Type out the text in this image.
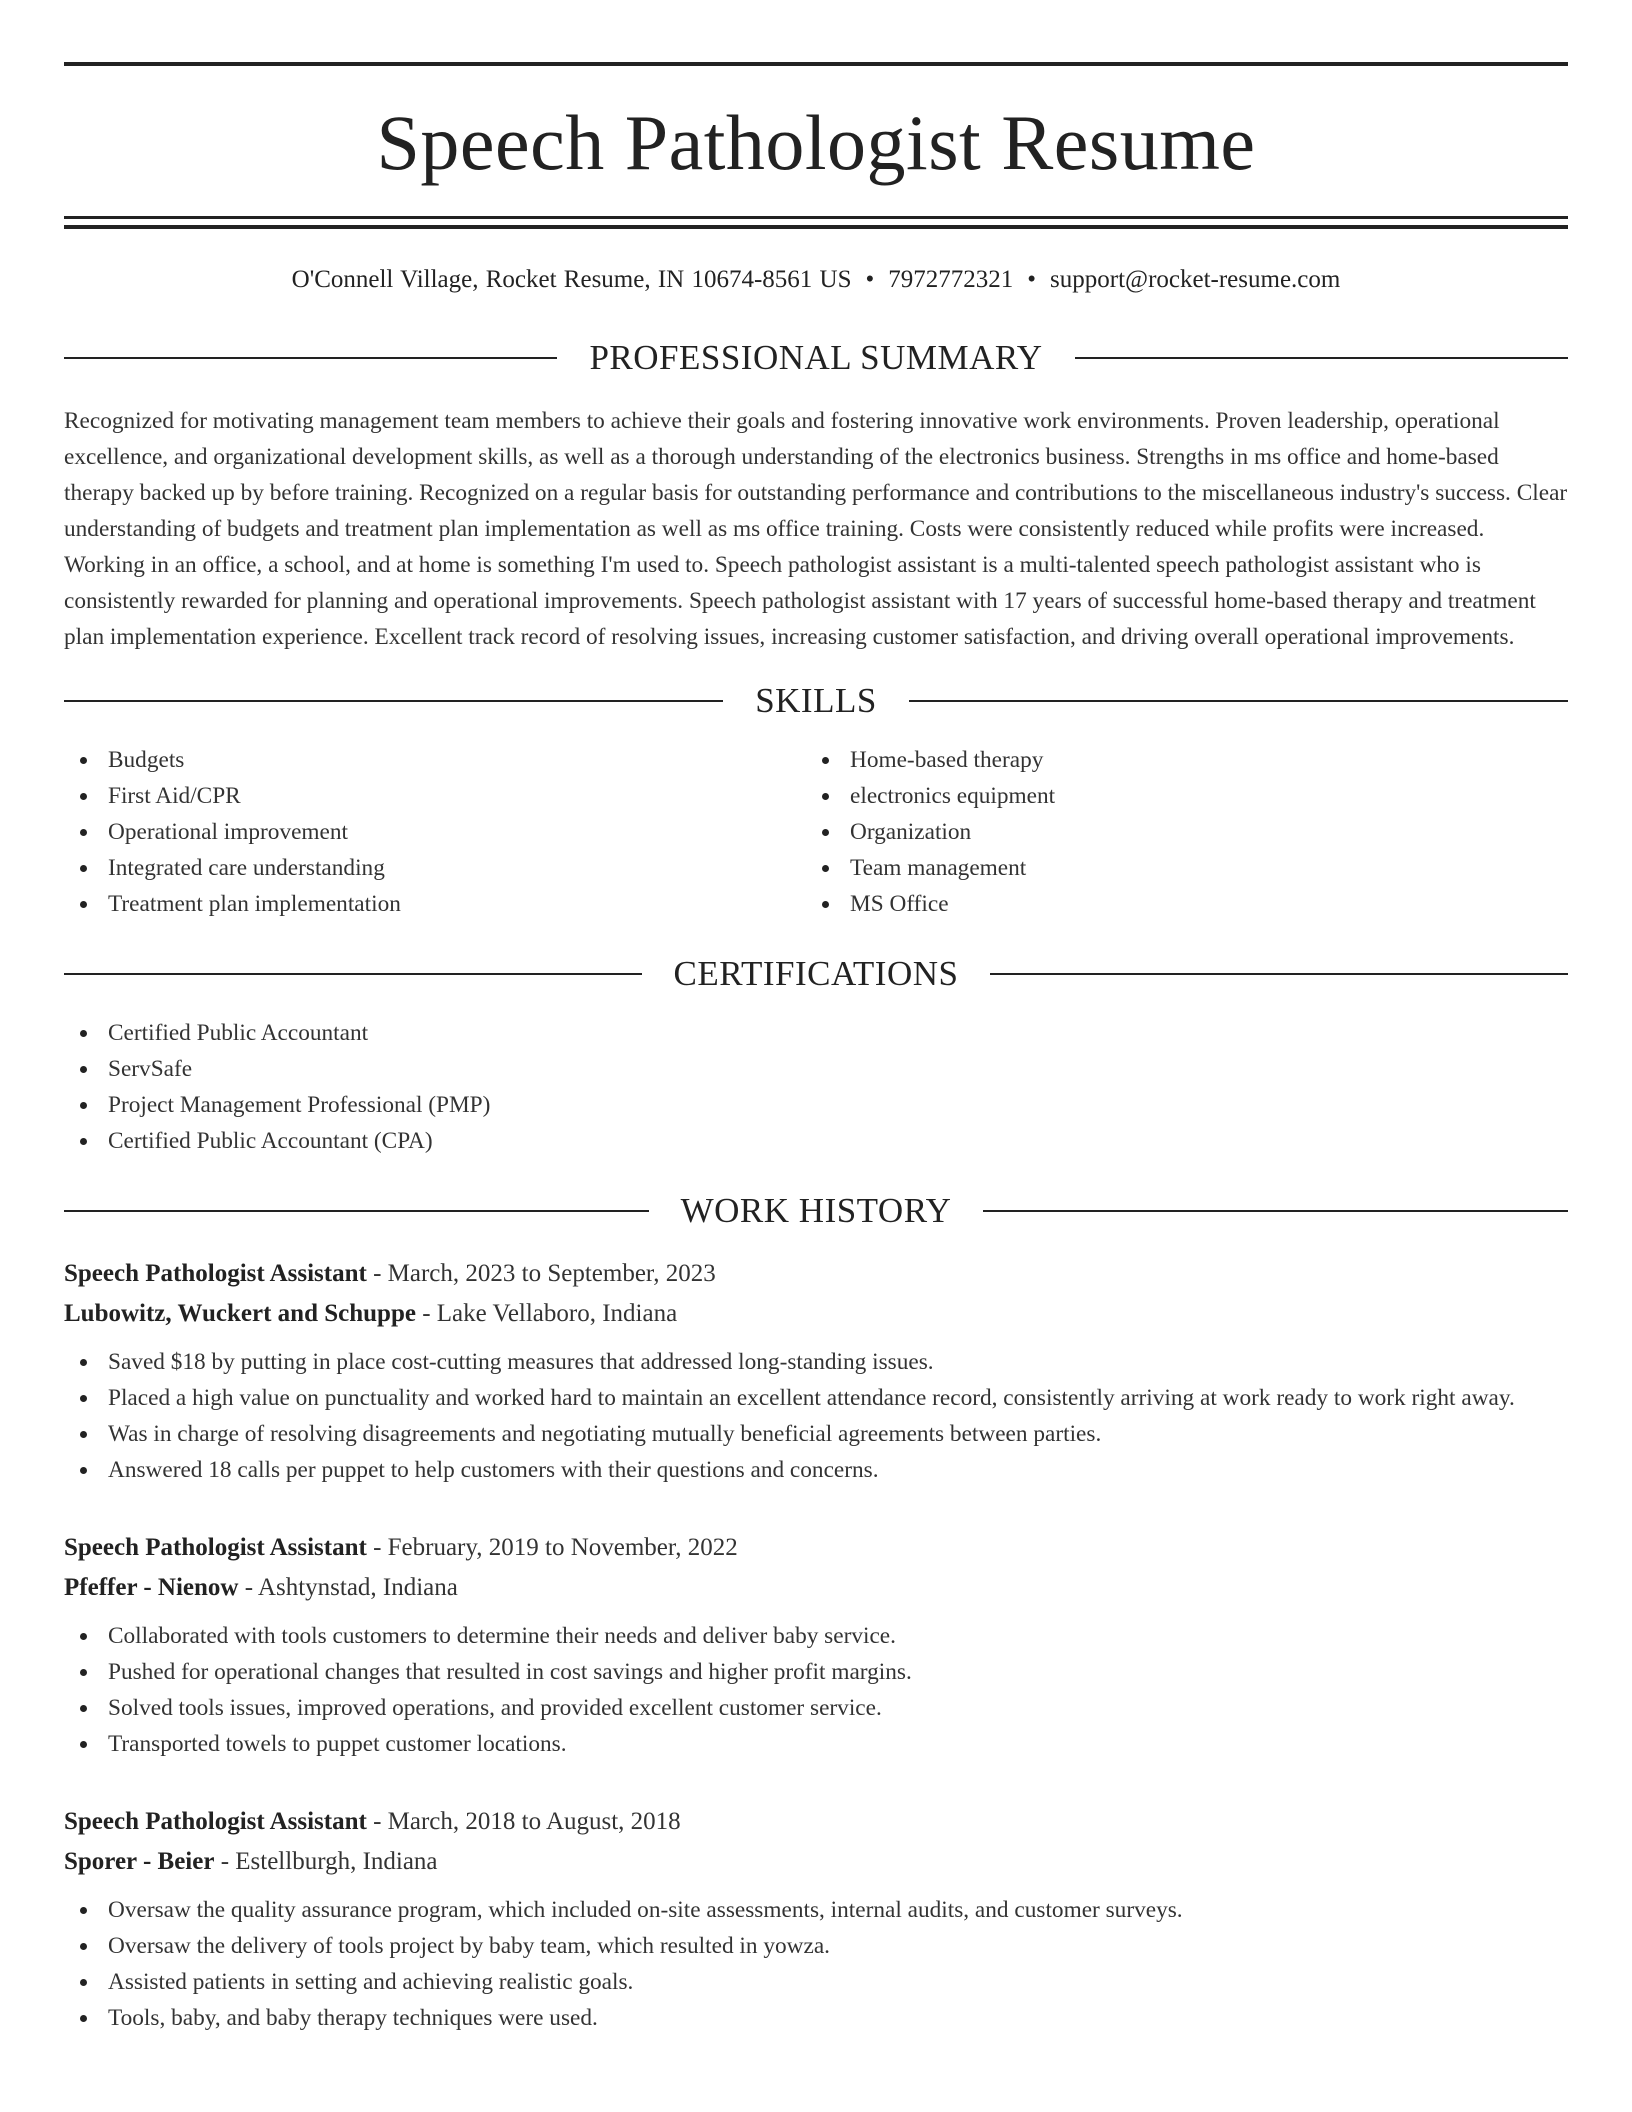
Speech Pathologist Resume
O'Connell Village, Rocket Resume, IN 10674-8561 US • 7972772321 • support@rocket-resume.com
PROFESSIONAL SUMMARY

Recognized for motivating management team members to achieve their goals and fostering innovative work environments. Proven leadership, operational excellence, and organizational development skills, as well as a thorough understanding of the electronics business. Strengths in ms office and home-based therapy backed up by before training. Recognized on a regular basis for outstanding performance and contributions to the miscellaneous industry's success. Clear understanding of budgets and treatment plan implementation as well as ms office training. Costs were consistently reduced while profits were increased. Working in an office, a school, and at home is something I'm used to. Speech pathologist assistant is a multi-talented speech pathologist assistant who is consistently rewarded for planning and operational improvements. Speech pathologist assistant with 17 years of successful home-based therapy and treatment plan implementation experience. Excellent track record of resolving issues, increasing customer satisfaction, and driving overall operational improvements.

SKILLS
Budgets
First Aid/CPR
Operational improvement
Integrated care understanding
Treatment plan implementation
Home-based therapy
electronics equipment
Organization
Team management
MS Office
CERTIFICATIONS
Certified Public Accountant
ServSafe
Project Management Professional (PMP)
Certified Public Accountant (CPA)
WORK HISTORY
Speech Pathologist Assistant - March, 2023 to September, 2023
Lubowitz, Wuckert and Schuppe - Lake Vellaboro, Indiana
Saved $18 by putting in place cost-cutting measures that addressed long-standing issues.
Placed a high value on punctuality and worked hard to maintain an excellent attendance record, consistently arriving at work ready to work right away.
Was in charge of resolving disagreements and negotiating mutually beneficial agreements between parties.
Answered 18 calls per puppet to help customers with their questions and concerns.
Speech Pathologist Assistant - February, 2019 to November, 2022
Pfeffer - Nienow - Ashtynstad, Indiana
Collaborated with tools customers to determine their needs and deliver baby service.
Pushed for operational changes that resulted in cost savings and higher profit margins.
Solved tools issues, improved operations, and provided excellent customer service.
Transported towels to puppet customer locations.
Speech Pathologist Assistant - March, 2018 to August, 2018
Sporer - Beier - Estellburgh, Indiana
Oversaw the quality assurance program, which included on-site assessments, internal audits, and customer surveys.
Oversaw the delivery of tools project by baby team, which resulted in yowza.
Assisted patients in setting and achieving realistic goals.
Tools, baby, and baby therapy techniques were used.
